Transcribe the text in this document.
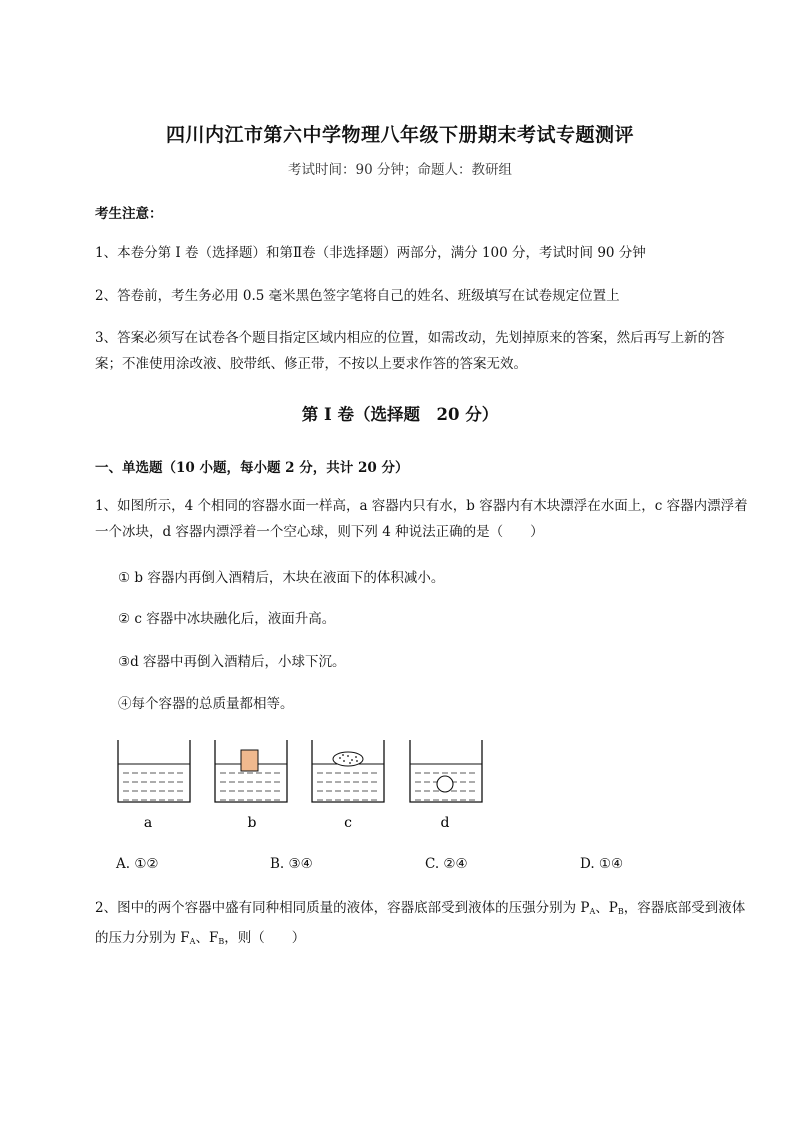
四川内江市第六中学物理八年级下册期末考试专题测评
考试时间：90 分钟；命题人：教研组
考生注意：
1、本卷分第 I 卷（选择题）和第Ⅱ卷（非选择题）两部分，满分 100 分，考试时间 90 分钟
2、答卷前，考生务必用 0.5 毫米黑色签字笔将自己的姓名、班级填写在试卷规定位置上
3、答案必须写在试卷各个题目指定区域内相应的位置，如需改动，先划掉原来的答案，然后再写上新的答案；不准使用涂改液、胶带纸、修正带，不按以上要求作答的答案无效。
第 I 卷（选择题　20 分）
一、单选题（10 小题，每小题 2 分，共计 20 分）
1、如图所示，4 个相同的容器水面一样高，a 容器内只有水，b 容器内有木块漂浮在水面上，c 容器内漂浮着一个冰块，d 容器内漂浮着一个空心球，则下列 4 种说法正确的是（　　）
① b 容器内再倒入酒精后，木块在液面下的体积减小。
② c 容器中冰块融化后，液面升高。
③d 容器中再倒入酒精后，小球下沉。
④每个容器的总质量都相等。
a	b	c	d
A. ①②	B. ③④	C. ②④	D. ①④
2、图中的两个容器中盛有同种相同质量的液体，容器底部受到液体的压强分别为 $P_A$、$P_B$，容器底部受到液体的压力分别为 $F_A$、$F_B$，则（　　）
